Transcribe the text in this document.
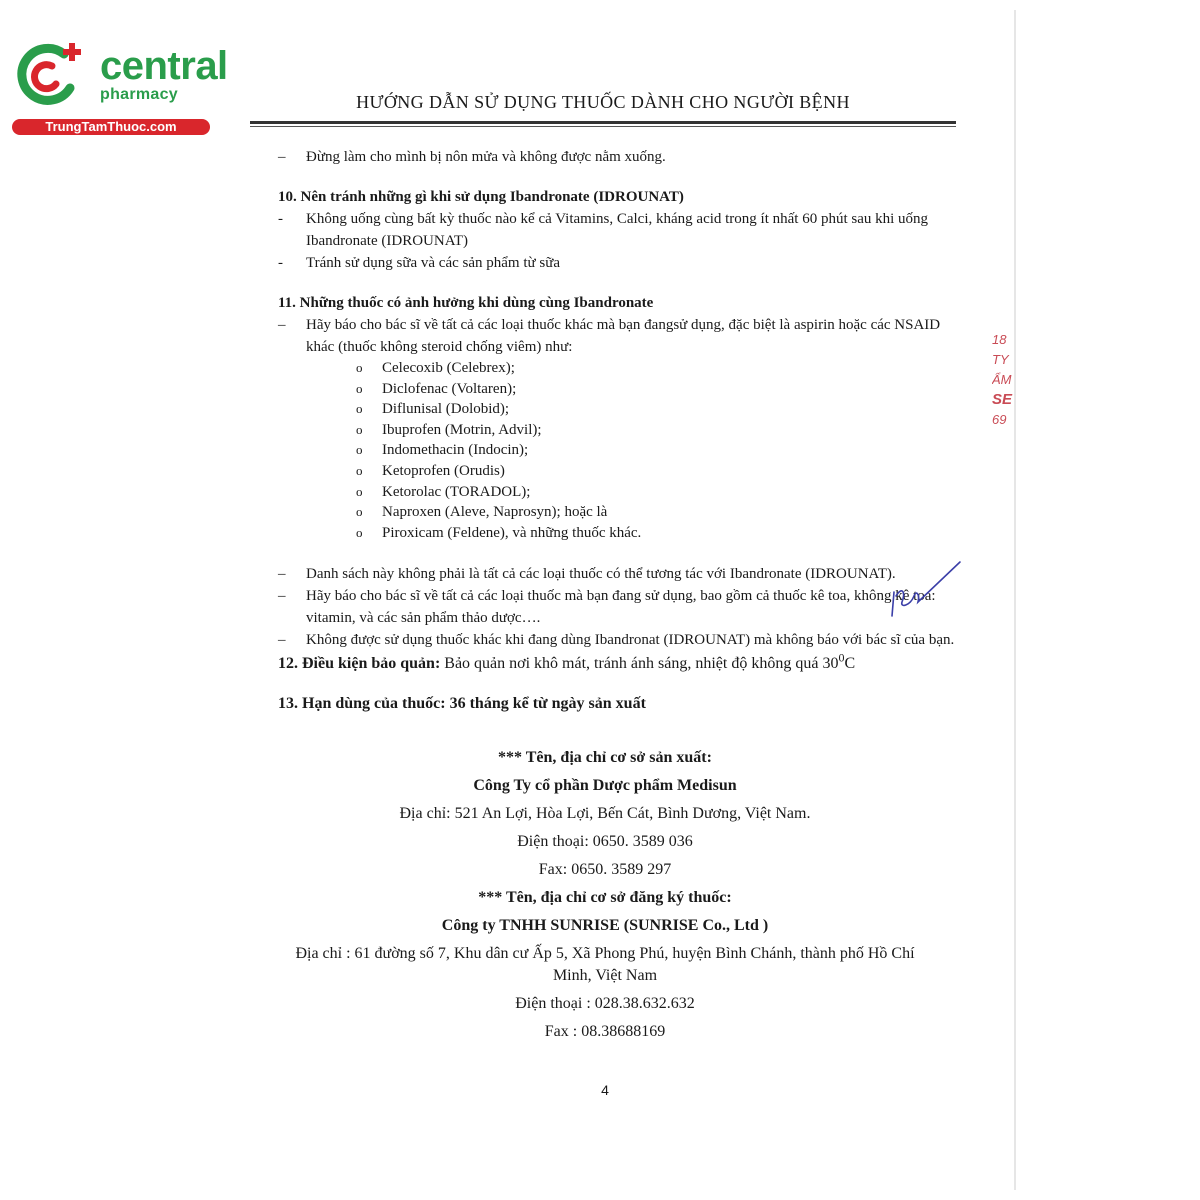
18
TY
ẨM
SE
69
central
pharmacy
TrungTamThuoc.com
HƯỚNG DẪN SỬ DỤNG THUỐC DÀNH CHO NGƯỜI BỆNH
– Đừng làm cho mình bị nôn mửa và không được nằm xuống.
10. Nên tránh những gì khi sử dụng Ibandronate (IDROUNAT)
- Không uống cùng bất kỳ thuốc nào kể cả Vitamins, Calci, kháng acid trong ít nhất 60 phút sau khi uống Ibandronate (IDROUNAT)
- Tránh sử dụng sữa và các sản phẩm từ sữa
11. Những thuốc có ảnh hưởng khi dùng cùng Ibandronate
– Hãy báo cho bác sĩ về tất cả các loại thuốc khác mà bạn đangsử dụng, đặc biệt là aspirin hoặc các NSAID khác (thuốc không steroid chống viêm) như:
o Celecoxib (Celebrex);
o Diclofenac (Voltaren);
o Diflunisal (Dolobid);
o Ibuprofen (Motrin, Advil);
o Indomethacin (Indocin);
o Ketoprofen (Orudis)
o Ketorolac (TORADOL);
o Naproxen (Aleve, Naprosyn); hoặc là
o Piroxicam (Feldene), và những thuốc khác.
– Danh sách này không phải là tất cả các loại thuốc có thể tương tác với Ibandronate (IDROUNAT).
– Hãy báo cho bác sĩ về tất cả các loại thuốc mà bạn đang sử dụng, bao gồm cả thuốc kê toa, không kê toa: vitamin, và các sản phẩm thảo dược….
– Không được sử dụng thuốc khác khi đang dùng Ibandronat (IDROUNAT) mà không báo với bác sĩ của bạn.
12. Điều kiện bảo quản: Bảo quản nơi khô mát, tránh ánh sáng, nhiệt độ không quá $30^0C$
13. Hạn dùng của thuốc: 36 tháng kể từ ngày sản xuất
*** Tên, địa chỉ cơ sở sản xuất:
Công Ty cổ phần Dược phẩm Medisun
Địa chỉ: 521 An Lợi, Hòa Lợi, Bến Cát, Bình Dương, Việt Nam.
Điện thoại: 0650. 3589 036
Fax: 0650. 3589 297
*** Tên, địa chỉ cơ sở đăng ký thuốc:
Công ty TNHH SUNRISE (SUNRISE Co., Ltd )
Địa chỉ : 61 đường số 7, Khu dân cư Ấp 5, Xã Phong Phú, huyện Bình Chánh, thành phố Hồ Chí
Minh, Việt Nam
Điện thoại : 028.38.632.632
Fax : 08.38688169
4
